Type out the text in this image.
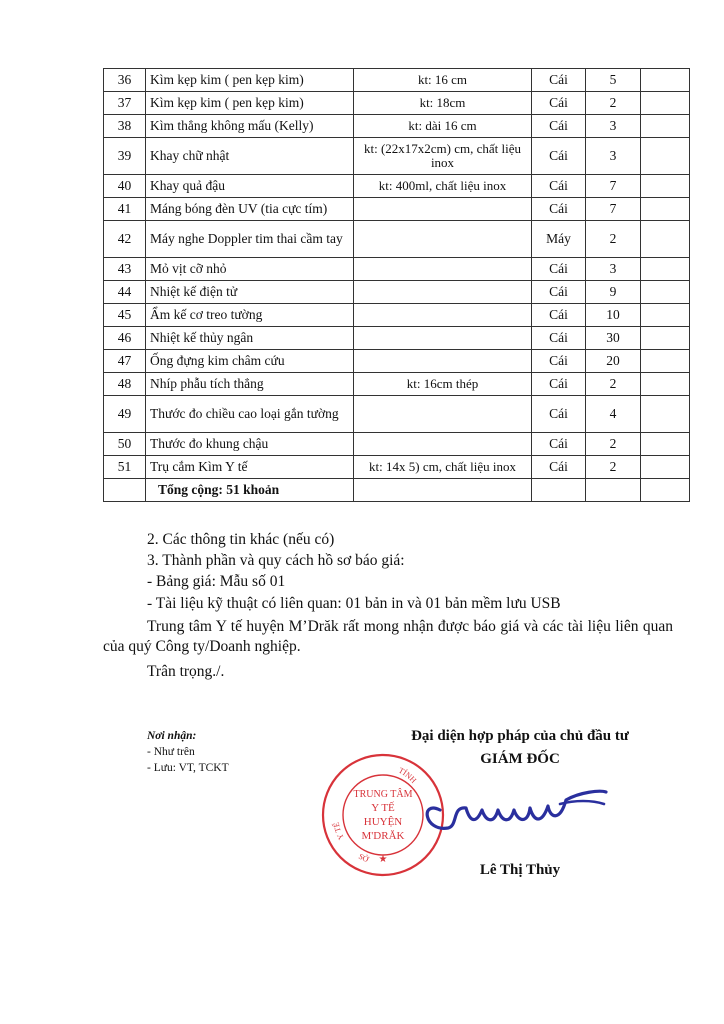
36	Kìm kẹp kim ( pen kẹp kim)	kt: 16 cm	Cái	5	
37	Kìm kẹp kim ( pen kẹp kim)	kt: 18cm	Cái	2	
38	Kìm thẳng không mấu (Kelly)	kt: dài 16 cm	Cái	3	
39	Khay chữ nhật	kt: (22x17x2cm) cm, chất liệu inox	Cái	3	
40	Khay quả đậu	kt: 400ml, chất liệu inox	Cái	7	
41	Máng bóng đèn UV (tia cực tím)		Cái	7	
42	Máy nghe Doppler tim thai cầm tay		Máy	2	
43	Mỏ vịt cỡ nhỏ		Cái	3	
44	Nhiệt kế điện tử		Cái	9	
45	Ẩm kế cơ treo tường		Cái	10	
46	Nhiệt kế thủy ngân		Cái	30	
47	Ống đựng kim châm cứu		Cái	20	
48	Nhíp phẫu tích thẳng	kt: 16cm thép	Cái	2	
49	Thước đo chiều cao loại gắn tường		Cái	4	
50	Thước đo khung chậu		Cái	2	
51	Trụ cắm Kìm Y tế	kt: 14x 5) cm, chất liệu inox	Cái	2	
	Tổng cộng: 51 khoản				

2. Các thông tin khác (nếu có)

3. Thành phần và quy cách hồ sơ báo giá:

- Bảng giá: Mẫu số 01

- Tài liệu kỹ thuật có liên quan: 01 bản in và 01 bản mềm lưu USB

Trung tâm Y tế huyện M’Drăk rất mong nhận được báo giá và các tài liệu liên quan của quý Công ty/Doanh nghiệp.

Trân trọng./.

Nơi nhận:
- Như trên
- Lưu: VT, TCKT
Đại diện hợp pháp của chủ đầu tư
GIÁM ĐỐC
Y TẾ
TỈNH
SỞ
TRUNG TÂM
Y TẾ
HUYỆN
M'DRĂK
★
Lê Thị Thủy
